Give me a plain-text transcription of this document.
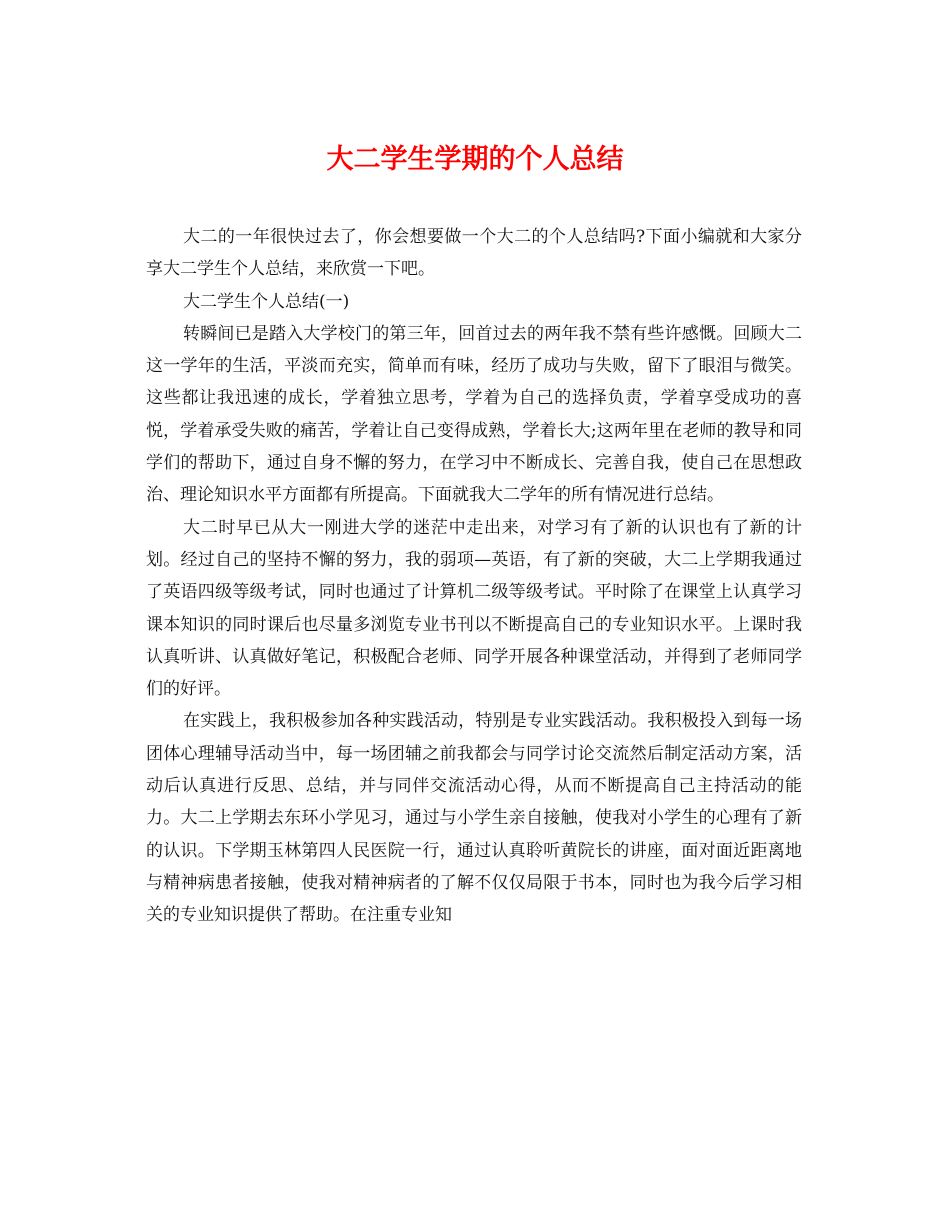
大二学生学期的个人总结

大二的一年很快过去了，你会想要做一个大二的个人总结吗?下面小编就和大家分享大二学生个人总结，来欣赏一下吧。

大二学生个人总结(一)

转瞬间已是踏入大学校门的第三年，回首过去的两年我不禁有些许感慨。回顾大二这一学年的生活，平淡而充实，简单而有味，经历了成功与失败，留下了眼泪与微笑。这些都让我迅速的成长，学着独立思考，学着为自己的选择负责，学着享受成功的喜悦，学着承受失败的痛苦，学着让自己变得成熟，学着长大;这两年里在老师的教导和同学们的帮助下，通过自身不懈的努力，在学习中不断成长、完善自我，使自己在思想政治、理论知识水平方面都有所提高。下面就我大二学年的所有情况进行总结。

大二时早已从大一刚进大学的迷茫中走出来，对学习有了新的认识也有了新的计划。经过自己的坚持不懈的努力，我的弱项—英语，有了新的突破，大二上学期我通过了英语四级等级考试，同时也通过了计算机二级等级考试。平时除了在课堂上认真学习课本知识的同时课后也尽量多浏览专业书刊以不断提高自己的专业知识水平。上课时我认真听讲、认真做好笔记，积极配合老师、同学开展各种课堂活动，并得到了老师同学们的好评。

在实践上，我积极参加各种实践活动，特别是专业实践活动。我积极投入到每一场团体心理辅导活动当中，每一场团辅之前我都会与同学讨论交流然后制定活动方案，活动后认真进行反思、总结，并与同伴交流活动心得，从而不断提高自己主持活动的能力。大二上学期去东环小学见习，通过与小学生亲自接触，使我对小学生的心理有了新的认识。下学期玉林第四人民医院一行，通过认真聆听黄院长的讲座，面对面近距离地与精神病患者接触，使我对精神病者的了解不仅仅局限于书本，同时也为我今后学习相关的专业知识提供了帮助。在注重专业知
